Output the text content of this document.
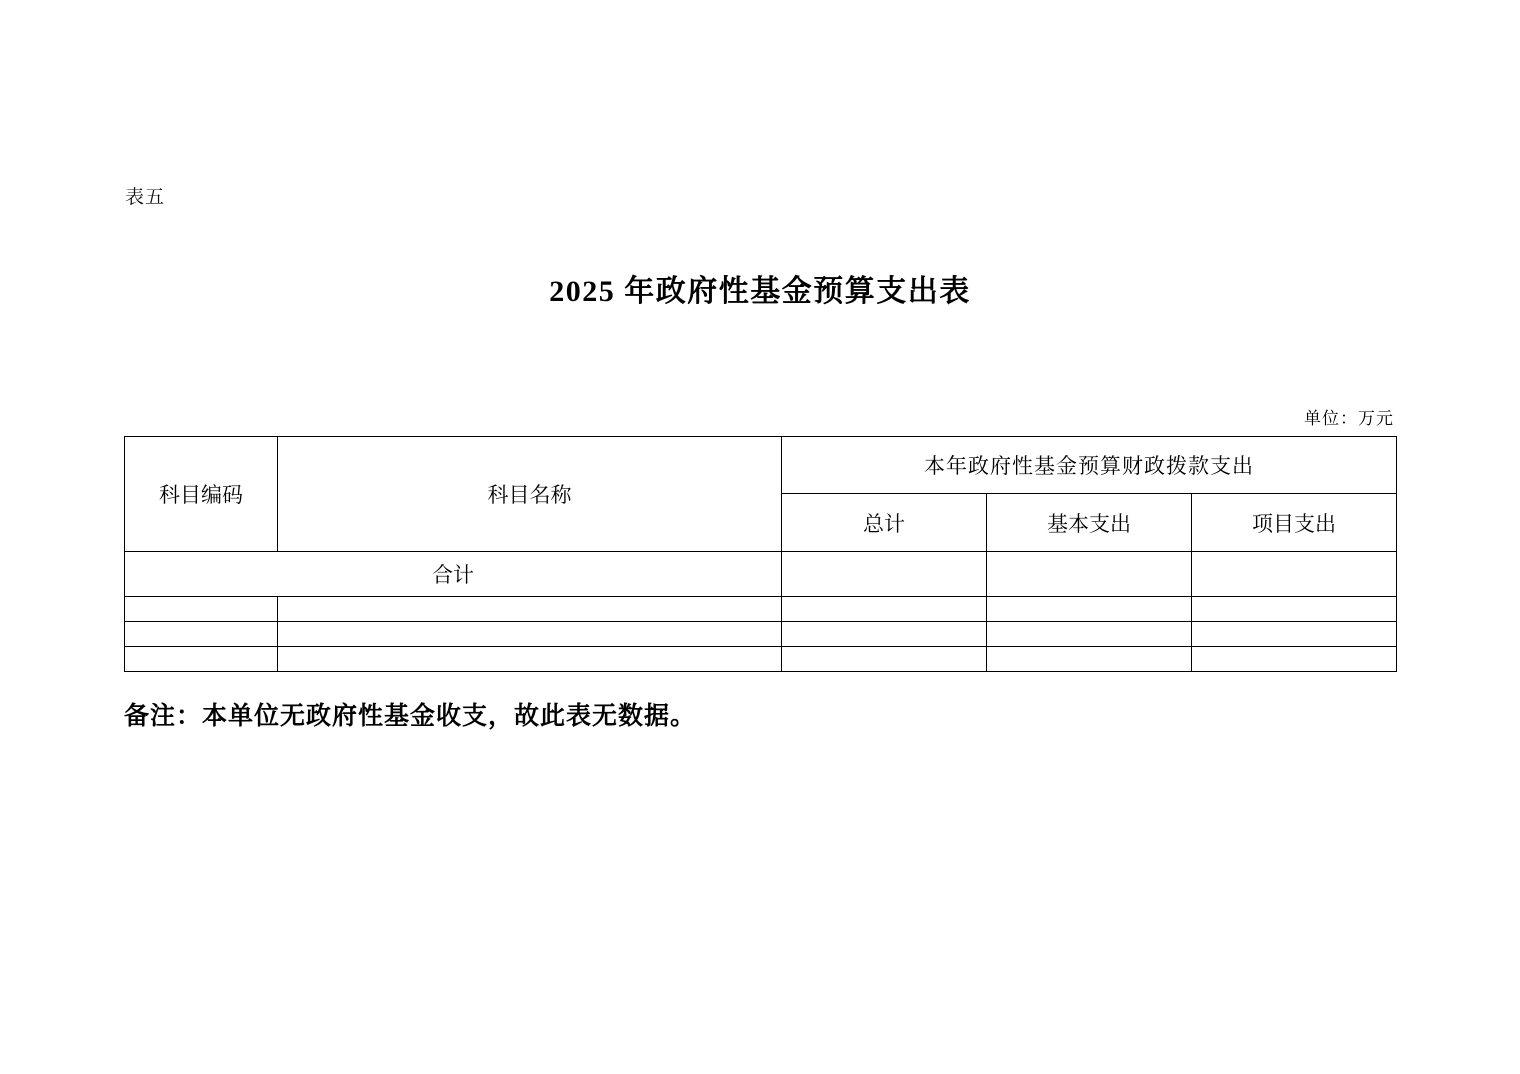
表五
2025 年政府性基金预算支出表
单位：万元
科目编码	科目名称	本年政府性基金预算财政拨款支出		
		总计	基本支出	项目支出
合计				

备注：本单位无政府性基金收支，故此表无数据。
